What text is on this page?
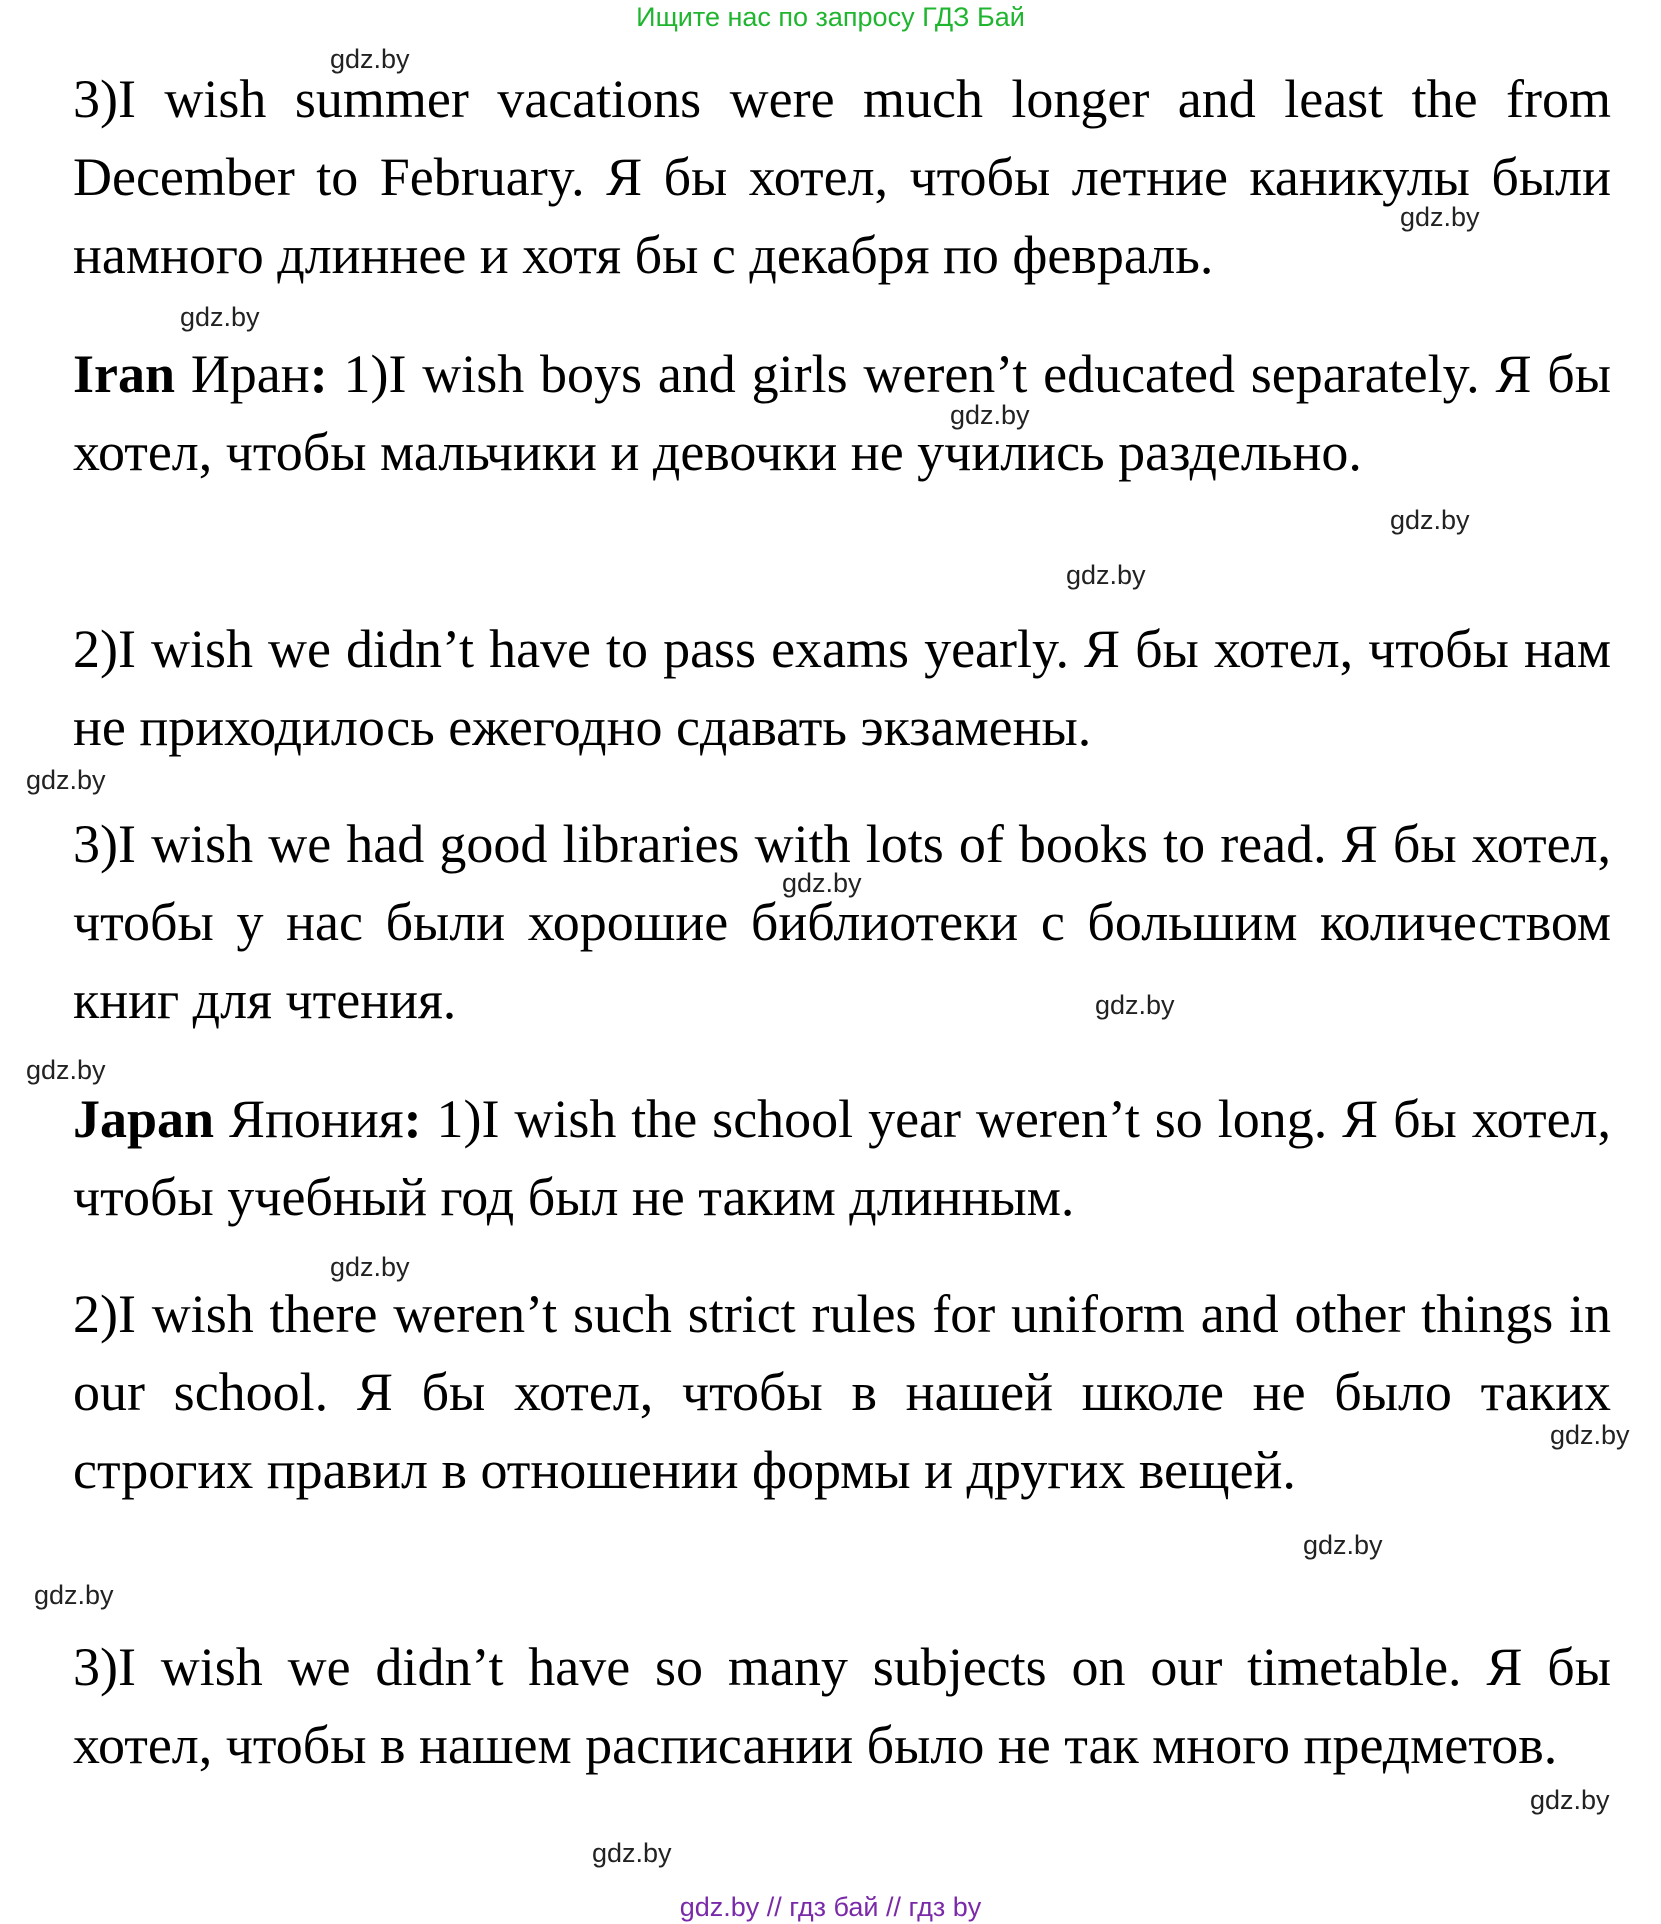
Ищите нас по запросу ГДЗ Бай

3)I wish summer vacations were much longer and least the from December to February. Я бы хотел, чтобы летние каникулы были намного длиннее и хотя бы с декабря по февраль.

Iran Иран: 1)I wish boys and girls weren’t educated separately. Я бы хотел, чтобы мальчики и девочки не учились раздельно.

2)I wish we didn’t have to pass exams yearly. Я бы хотел, чтобы нам не приходилось ежегодно сдавать экзамены.

3)I wish we had good libraries with lots of books to read. Я бы хотел, чтобы у нас были хорошие библиотеки с большим количеством книг для чтения.

Japan Япония: 1)I wish the school year weren’t so long. Я бы хотел, чтобы учебный год был не таким длинным.

2)I wish there weren’t such strict rules for uniform and other things in our school. Я бы хотел, чтобы в нашей школе не было таких строгих правил в отношении формы и других вещей.

3)I wish we didn’t have so many subjects on our timetable. Я бы хотел, чтобы в нашем расписании было не так много предметов.

gdz.by
gdz.by
gdz.by
gdz.by
gdz.by
gdz.by
gdz.by
gdz.by
gdz.by
gdz.by
gdz.by
gdz.by
gdz.by
gdz.by
gdz.by
gdz.by
gdz.by // гдз бай // гдз by
